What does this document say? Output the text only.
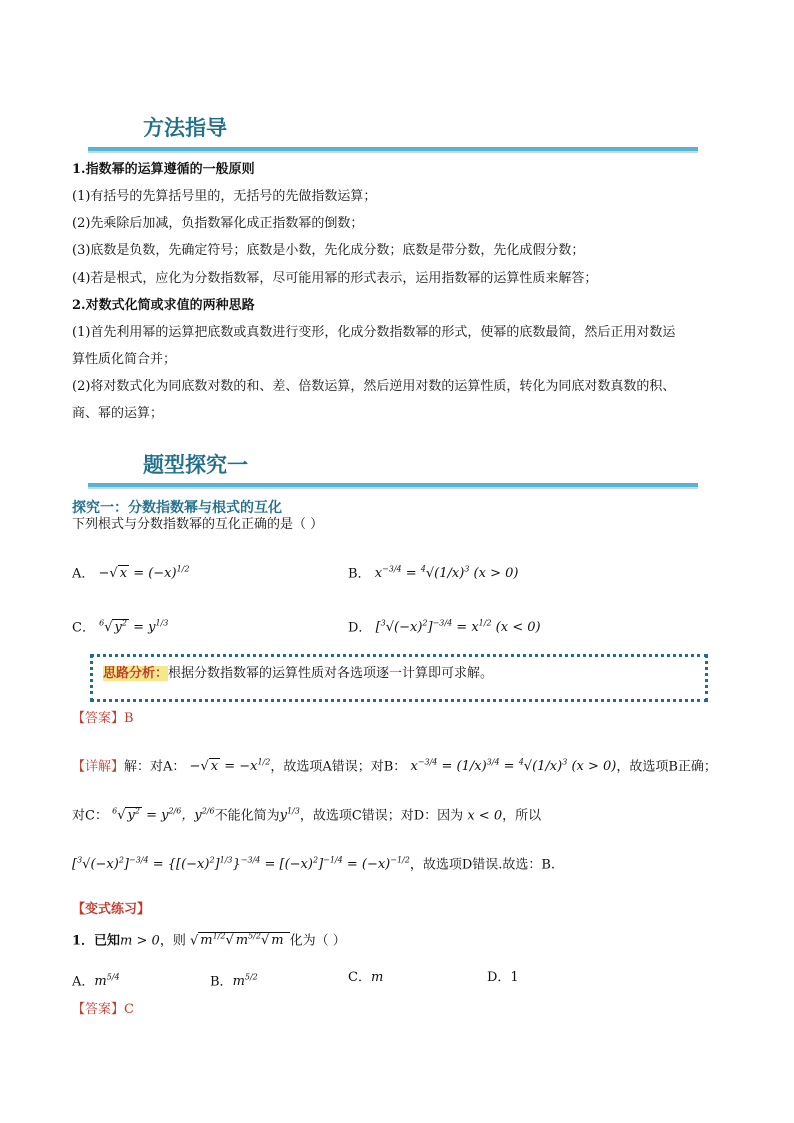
方法指导
1.指数幂的运算遵循的一般原则
(1)有括号的先算括号里的，无括号的先做指数运算；
(2)先乘除后加减，负指数幂化成正指数幂的倒数；
(3)底数是负数，先确定符号；底数是小数，先化成分数；底数是带分数，先化成假分数；
(4)若是根式，应化为分数指数幂，尽可能用幂的形式表示，运用指数幂的运算性质来解答；
2.对数式化简或求值的两种思路
(1)首先利用幂的运算把底数或真数进行变形，化成分数指数幂的形式，使幂的底数最简，然后正用对数运
算性质化简合并；
(2)将对数式化为同底数对数的和、差、倍数运算，然后逆用对数的运算性质，转化为同底对数真数的积、
商、幂的运算；
题型探究一
探究一：分数指数幂与根式的互化
下列根式与分数指数幂的互化正确的是（ ）
A． −√ $x = (-x)^{1/2}$	B． $x^{-3/4} = ^4√(1/x)^3$ (x > 0)
C． $^6$√ $y^2 = y^{1/3}$	D． $[^3√(-x)^2]^{-3/4} = x^{1/2}$ (x < 0)
思路分析：根据分数指数幂的运算性质对各选项逐一计算即可求解。
【答案】B
【详解】解：对A： −√ $x = -x^{1/2}$，故选项A错误；对B： $x^{-3/4} = (1/x)^{3/4} = ^4√(1/x)^3$ (x > 0)，故选项B正确；
对C： $^6$√ $y^2 = y^{2/6}$，$y^{2/6}$不能化简为$y^{1/3}$，故选项C错误；对D：因为 x < 0，所以
$[^3√(-x)^2]^{-3/4} = \{[(-x)^2]^{1/3}\}^{-3/4} = [(-x)^2]^{-1/4} = (-x)^{-1/2}$，故选项D错误.故选：B.
【变式练习】
1．已知m > 0，则 √ $m^{1/2}√$ $m^{5/2}√$ m 化为（ ）
A．$m^{5/4}$	B．$m^{5/2}$	C．m	D．1
【答案】C
